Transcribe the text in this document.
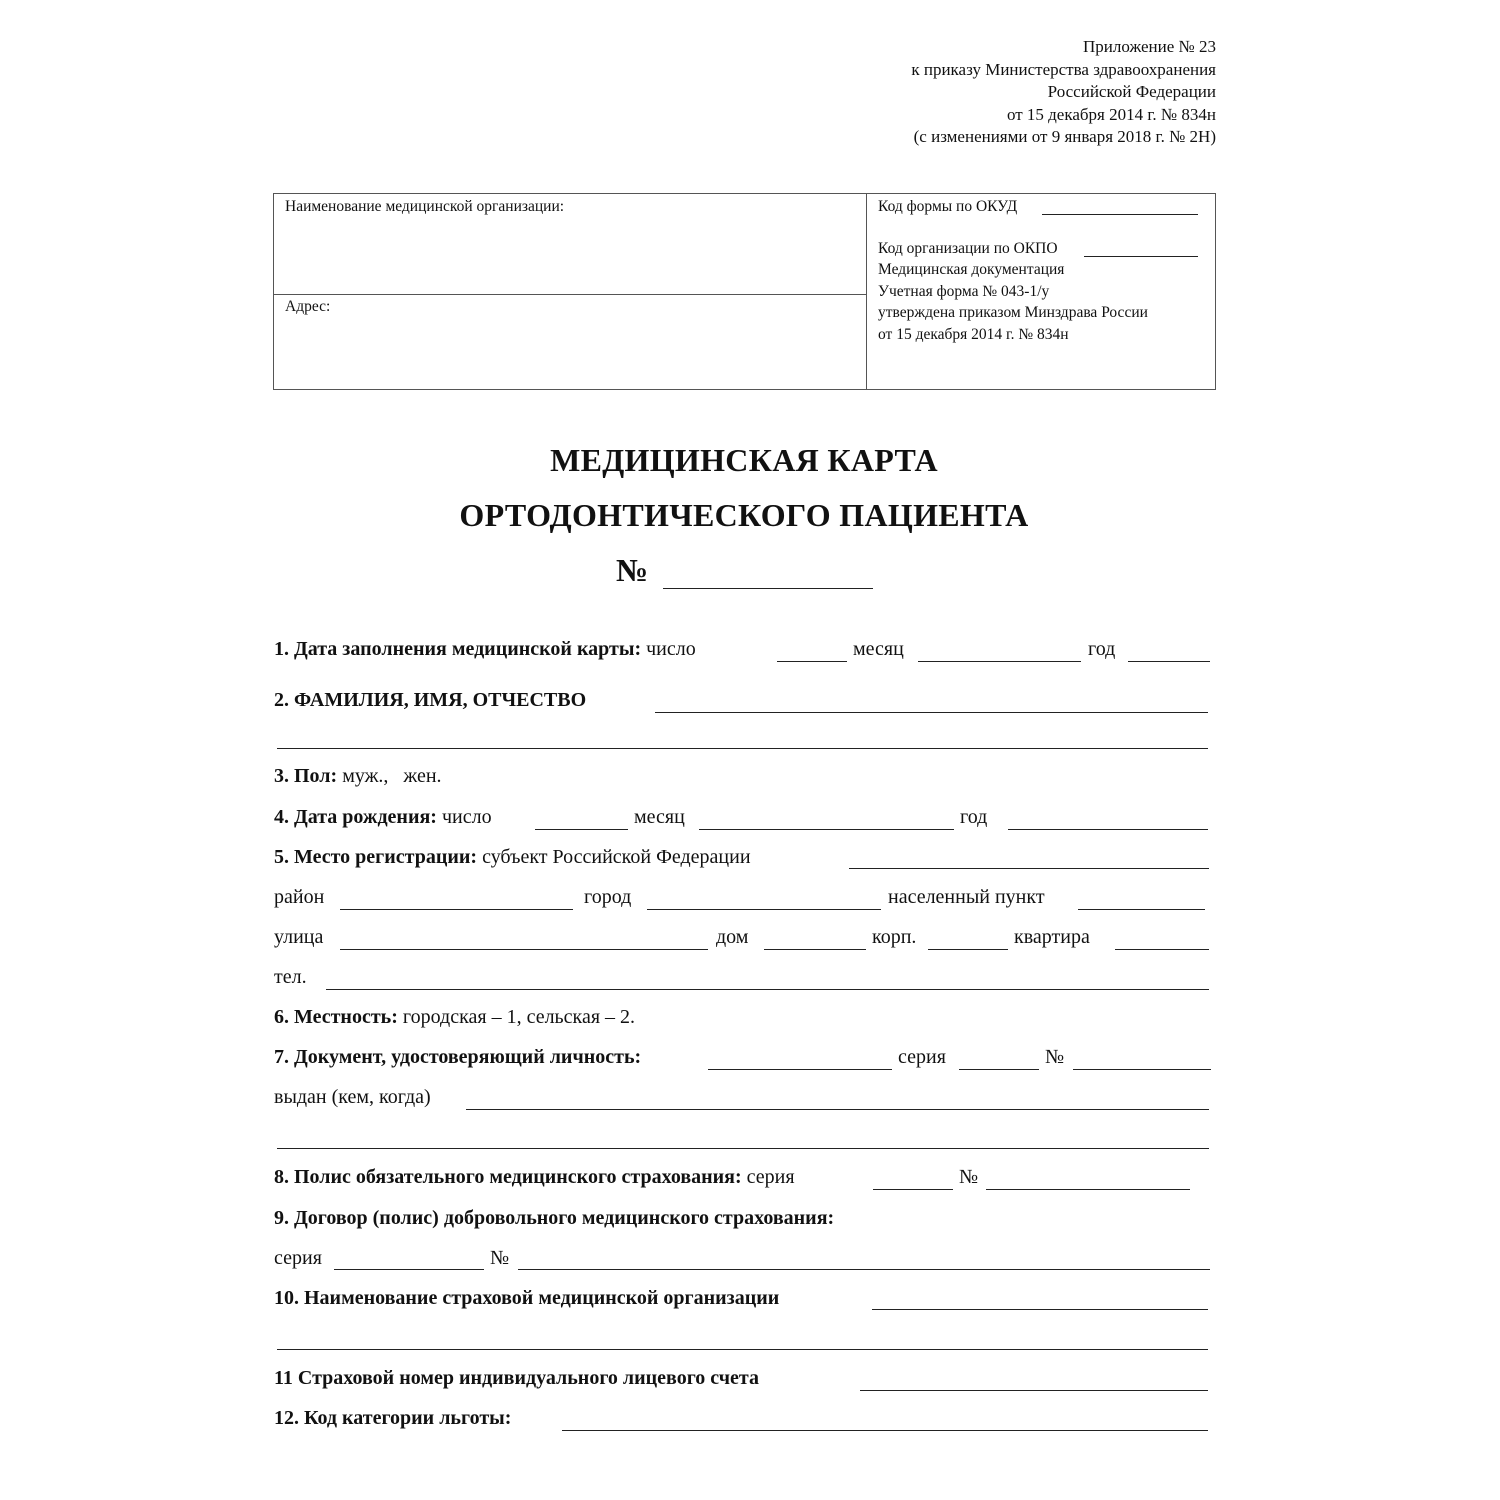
Приложение № 23
к приказу Министерства здравоохранения
Российской Федерации
от 15 декабря 2014 г. № 834н
(с изменениями от 9 января 2018 г. № 2Н)
Наименование медицинской организации:
Адрес:
Код формы по ОКУД
Код организации по ОКПО
Медицинская документация
Учетная форма № 043-1/у
утверждена приказом Минздрава России
от 15 декабря 2014 г. № 834н
МЕДИЦИНСКАЯ КАРТА
ОРТОДОНТИЧЕСКОГО ПАЦИЕНТА
№
1. Дата заполнения медицинской карты: число	месяц	год
2. ФАМИЛИЯ, ИМЯ, ОТЧЕСТВО
3. Пол: муж.,   жен.
4. Дата рождения: число	месяц	год
5. Место регистрации: субъект Российской Федерации
район	город	населенный пункт
улица	дом	корп.	квартира
тел.
6. Местность: городская – 1, сельская – 2.
7. Документ, удостоверяющий личность:	серия	№
выдан (кем, когда)
8. Полис обязательного медицинского страхования: серия	№
9. Договор (полис) добровольного медицинского страхования:
серия	№
10. Наименование страховой медицинской организации
11 Страховой номер индивидуального лицевого счета
12. Код категории льготы:
